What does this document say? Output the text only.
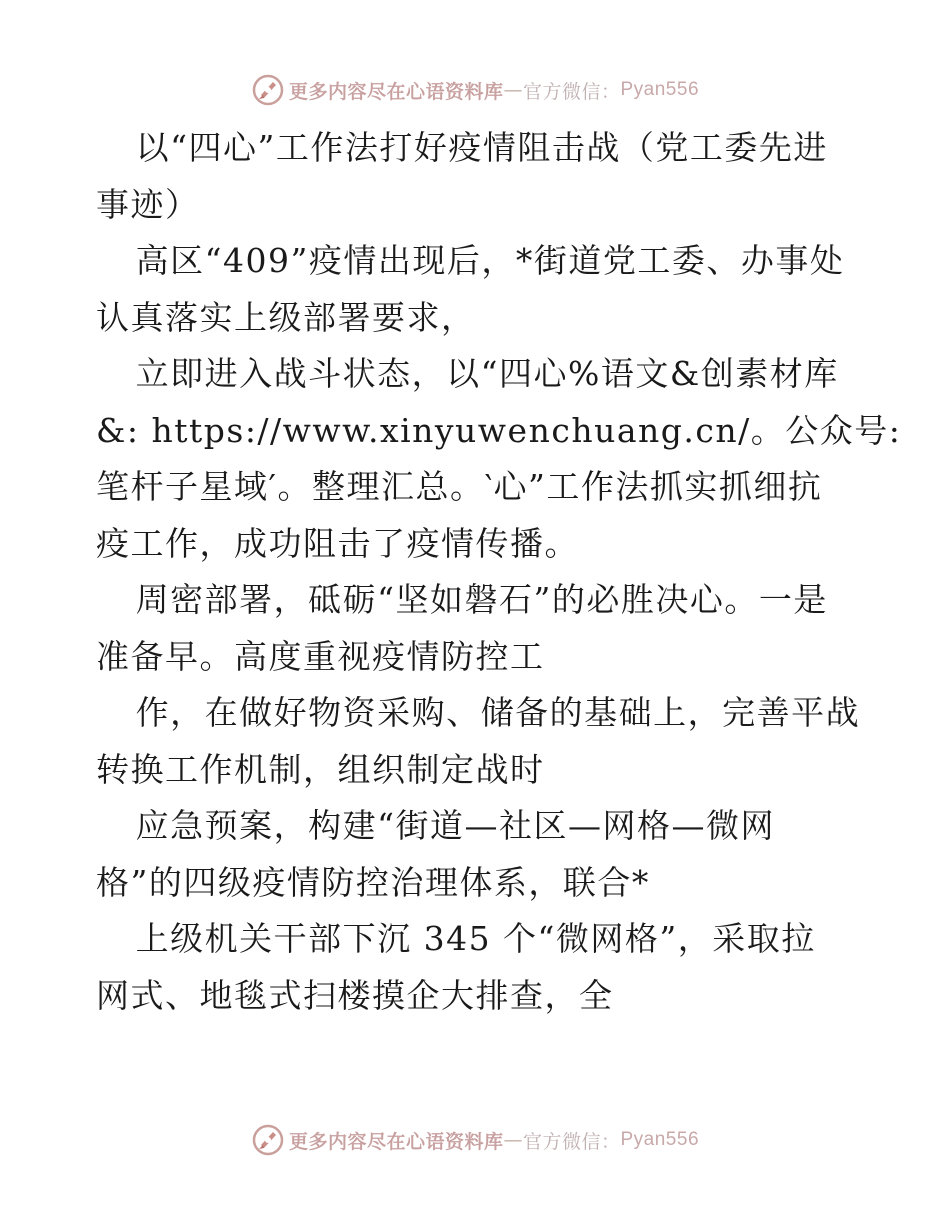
更多内容尽在心语资料库 — 官方微信： Pyan556

以“四心”工作法打好疫情阻击战（党工委先进
事迹）

高区“409”疫情出现后，*街道党工委、办事处
认真落实上级部署要求，

立即进入战斗状态，以“四心%语文&创素材库
&: https://www.xinyuwenchuang.cn/。公众号:
笔杆子星域′。整理汇总。‵心”工作法抓实抓细抗
疫工作，成功阻击了疫情传播。

周密部署，砥砺“坚如磐石”的必胜决心。一是
准备早。高度重视疫情防控工

作，在做好物资采购、储备的基础上，完善平战
转换工作机制，组织制定战时

应急预案，构建“街道—社区—网格—微网
格”的四级疫情防控治理体系，联合*

上级机关干部下沉 345 个“微网格”，采取拉
网式、地毯式扫楼摸企大排查，全

更多内容尽在心语资料库 — 官方微信： Pyan556
